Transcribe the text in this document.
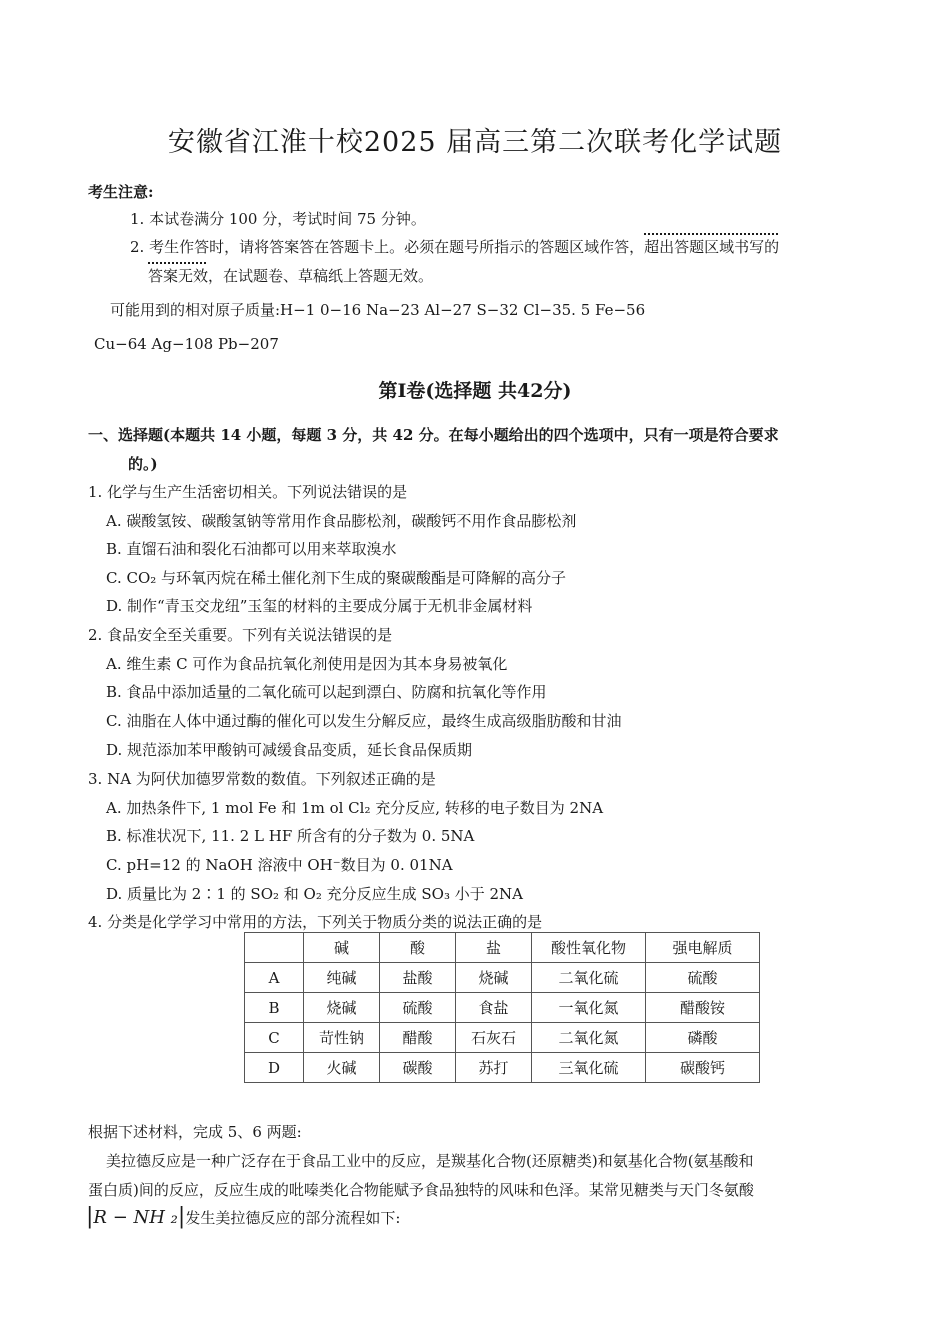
安徽省江淮十校2025 届高三第二次联考化学试题
考生注意:
1. 本试卷满分 100 分，考试时间 75 分钟。
2. 考生作答时，请将答案答在答题卡上。必须在题号所指示的答题区域作答，超出答题区域书写的
答案无效，在试题卷、草稿纸上答题无效。
可能用到的相对原子质量:H−1 0−16 Na−23 Al−27 S−32 Cl−35. 5 Fe−56
Cu−64 Ag−108 Pb−207
第Ⅰ卷(选择题 共42分)
一、选择题(本题共 14 小题，每题 3 分，共 42 分。在每小题给出的四个选项中，只有一项是符合要求
的。)
1. 化学与生产生活密切相关。下列说法错误的是
A. 碳酸氢铵、碳酸氢钠等常用作食品膨松剂，碳酸钙不用作食品膨松剂
B. 直馏石油和裂化石油都可以用来萃取溴水
C. CO₂ 与环氧丙烷在稀土催化剂下生成的聚碳酸酯是可降解的高分子
D. 制作“青玉交龙纽”玉玺的材料的主要成分属于无机非金属材料
2. 食品安全至关重要。下列有关说法错误的是
A. 维生素 C 可作为食品抗氧化剂使用是因为其本身易被氧化
B. 食品中添加适量的二氧化硫可以起到漂白、防腐和抗氧化等作用
C. 油脂在人体中通过酶的催化可以发生分解反应，最终生成高级脂肪酸和甘油
D. 规范添加苯甲酸钠可减缓食品变质，延长食品保质期
3. NA 为阿伏加德罗常数的数值。下列叙述正确的是
A. 加热条件下, 1 mol Fe 和 1m ol Cl₂ 充分反应, 转移的电子数目为 2NA
B. 标准状况下, 11. 2 L HF 所含有的分子数为 0. 5NA
C. pH=12 的 NaOH 溶液中 OH⁻数目为 0. 01NA
D. 质量比为 2∶1 的 SO₂ 和 O₂ 充分反应生成 SO₃ 小于 2NA
4. 分类是化学学习中常用的方法，下列关于物质分类的说法正确的是
	碱	酸	盐	酸性氧化物	强电解质
A	纯碱	盐酸	烧碱	二氧化硫	硫酸
B	烧碱	硫酸	食盐	一氧化氮	醋酸铵
C	苛性钠	醋酸	石灰石	二氧化氮	磷酸
D	火碱	碳酸	苏打	三氧化硫	碳酸钙
根据下述材料，完成 5、6 两题:
美拉德反应是一种广泛存在于食品工业中的反应，是羰基化合物(还原糖类)和氨基化合物(氨基酸和
蛋白质)间的反应，反应生成的吡嗪类化合物能赋予食品独特的风味和色泽。某常见糖类与天门冬氨酸
|R − NH ₂|发生美拉德反应的部分流程如下:
